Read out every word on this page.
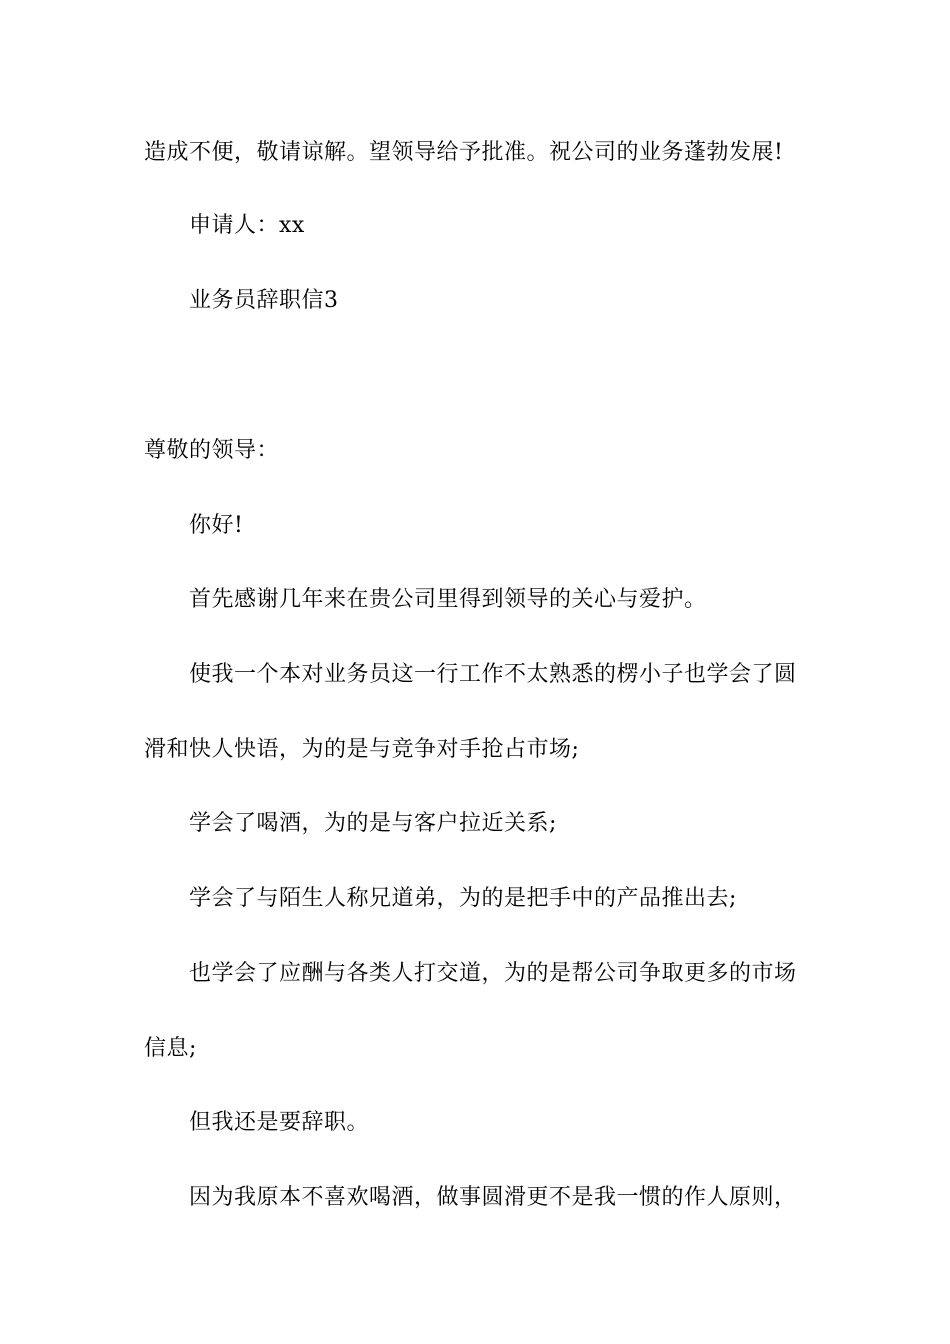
造成不便，敬请谅解。望领导给予批准。祝公司的业务蓬勃发展!
申请人：xx
业务员辞职信3
尊敬的领导：
你好!
首先感谢几年来在贵公司里得到领导的关心与爱护。
使我一个本对业务员这一行工作不太熟悉的楞小子也学会了圆
滑和快人快语，为的是与竞争对手抢占市场;
学会了喝酒，为的是与客户拉近关系;
学会了与陌生人称兄道弟，为的是把手中的产品推出去;
也学会了应酬与各类人打交道，为的是帮公司争取更多的市场
信息;
但我还是要辞职。
因为我原本不喜欢喝酒，做事圆滑更不是我一惯的作人原则，
